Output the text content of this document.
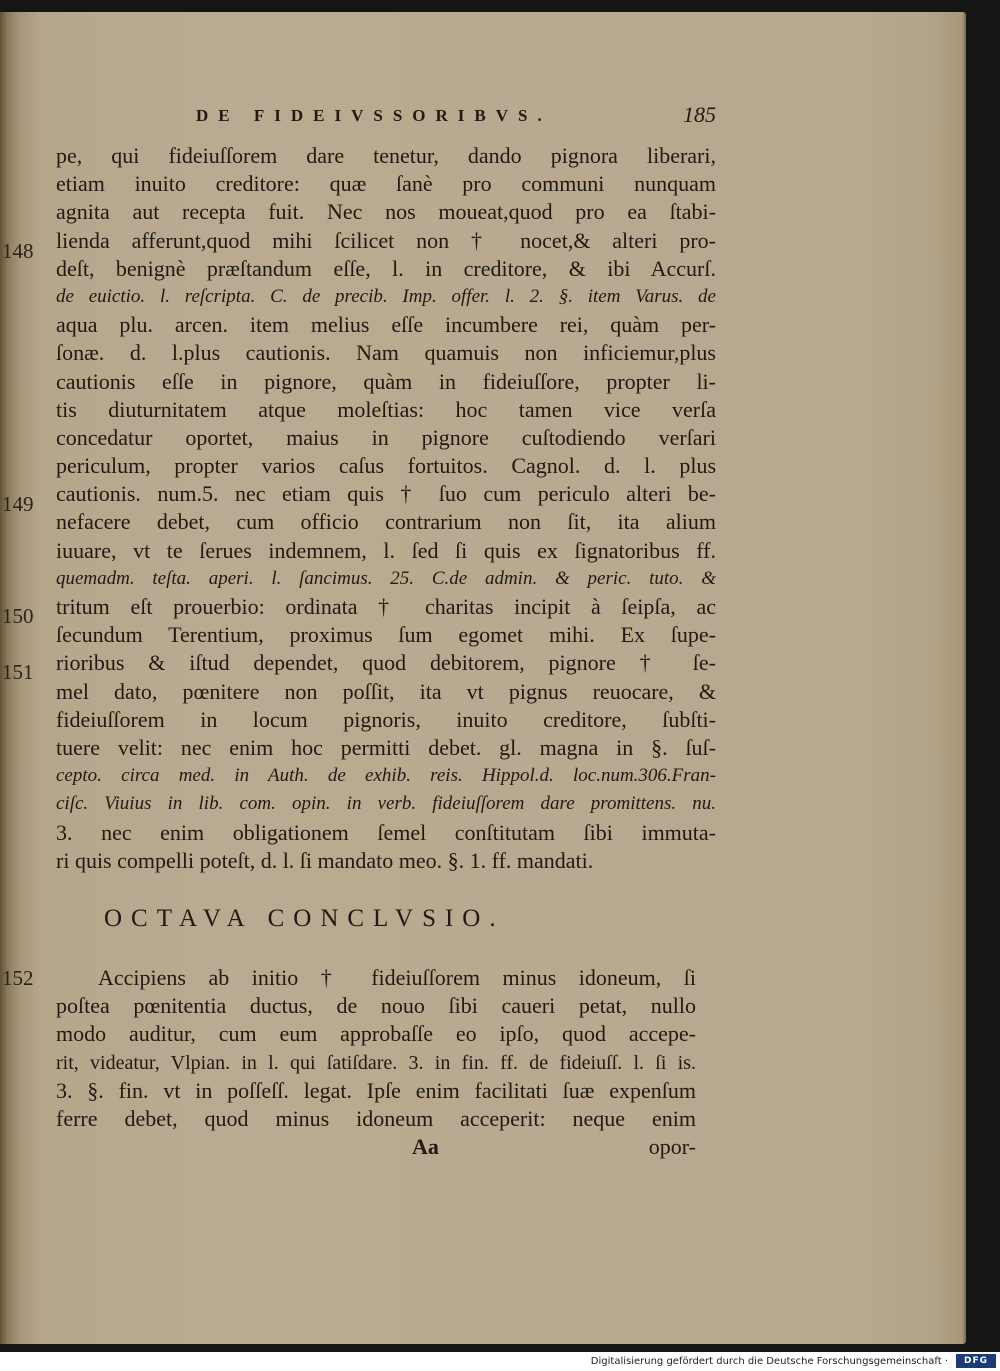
DE FIDEIVSSORIBVS.	185
148
149
150
151
pe, qui fideiuſſorem dare tenetur, dando pignora liberari,
etiam inuito creditore: quæ ſanè pro communi nunquam
agnita aut recepta fuit. Nec nos moueat,quod pro ea ſtabi-
lienda afferunt,quod mihi ſcilicet non † nocet,& alteri pro-
deſt, benignè præſtandum eſſe, l. in creditore, & ibi Accurſ.
de euictio. l. reſcripta. C. de precib. Imp. offer. l. 2. §. item Varus. de
aqua plu. arcen. item melius eſſe incumbere rei, quàm per-
ſonæ. d. l.plus cautionis. Nam quamuis non inficiemur,plus
cautionis eſſe in pignore, quàm in fideiuſſore, propter li-
tis diuturnitatem atque moleſtias: hoc tamen vice verſa
concedatur oportet, maius in pignore cuſtodiendo verſari
periculum, propter varios caſus fortuitos. Cagnol. d. l. plus
cautionis. num.5. nec etiam quis † ſuo cum periculo alteri be-
nefacere debet, cum officio contrarium non ſit, ita alium
iuuare, vt te ſerues indemnem, l. ſed ſi quis ex ſignatoribus ff.
quemadm. teſta. aperi. l. ſancimus. 25. C.de admin. & peric. tuto. &
tritum eſt prouerbio: ordinata † charitas incipit à ſeipſa, ac
ſecundum Terentium, proximus ſum egomet mihi. Ex ſupe-
rioribus & iſtud dependet, quod debitorem, pignore † ſe-
mel dato, pœnitere non poſſit, ita vt pignus reuocare, &
fideiuſſorem in locum pignoris, inuito creditore, ſubſti-
tuere velit: nec enim hoc permitti debet. gl. magna in §. ſuſ-
cepto. circa med. in Auth. de exhib. reis. Hippol.d. loc.num.306.Fran-
ciſc. Viuius in lib. com. opin. in verb. fideiuſſorem dare promittens. nu.
3. nec enim obligationem ſemel conſtitutam ſibi immuta-
ri quis compelli poteſt, d. l. ſi mandato meo. §. 1. ff. mandati.
OCTAVA CONCLVSIO.
152	Accipiens ab initio † fideiuſſorem minus idoneum, ſi
poſtea pœnitentia ductus, de nouo ſibi caueri petat, nullo
modo auditur, cum eum approbaſſe eo ipſo, quod accepe-
rit, videatur, Vlpian. in l. qui ſatiſdare. 3. in fin. ff. de fideiuſſ. l. ſi is.
3. §. fin. vt in poſſeſſ. legat. Ipſe enim facilitati ſuæ expenſum
ferre debet, quod minus idoneum acceperit: neque enim
Aa	opor-
Digitalisierung gefördert durch die Deutsche Forschungsgemeinschaft ·	DFG
